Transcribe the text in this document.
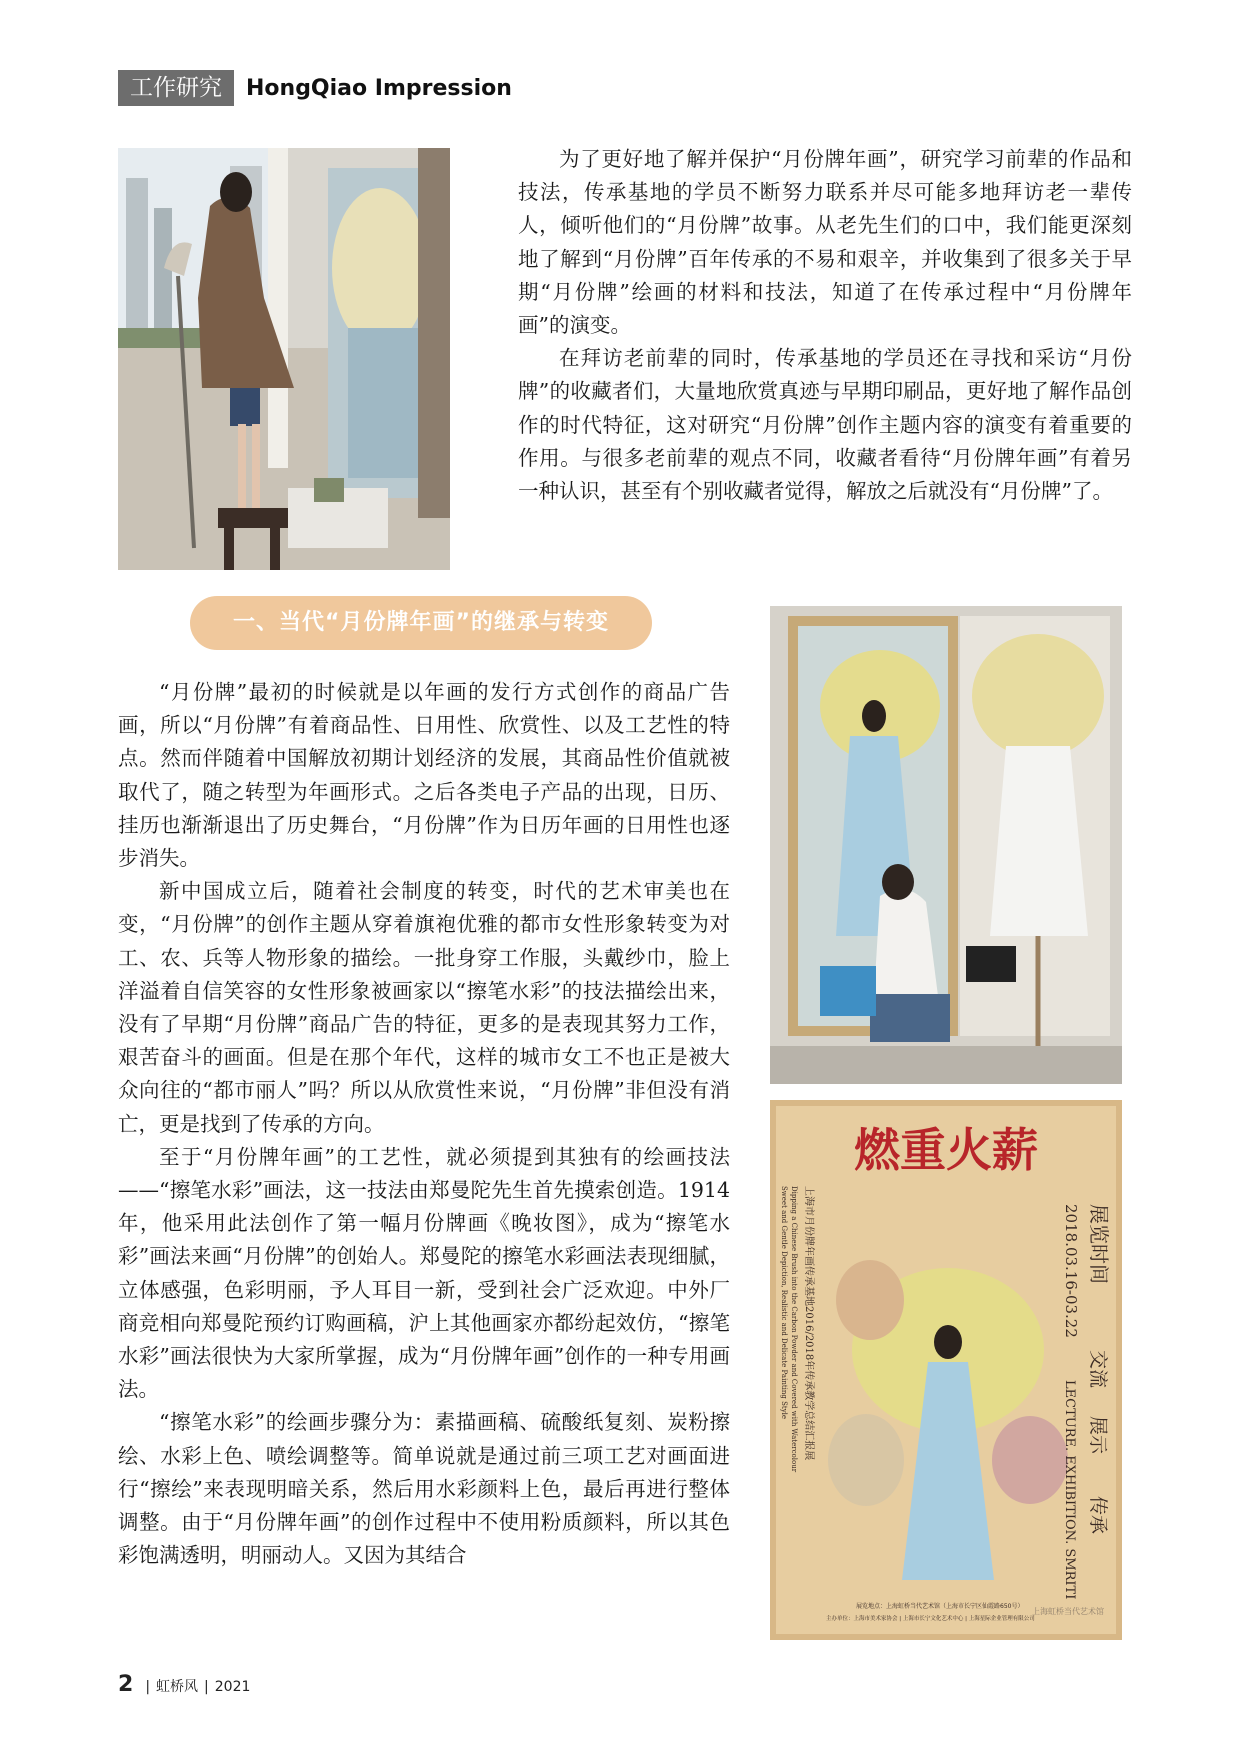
工作研究	HongQiao Impression

为了更好地了解并保护“月份牌年画”，研究学习前辈的作品和技法，传承基地的学员不断努力联系并尽可能多地拜访老一辈传人，倾听他们的“月份牌”故事。从老先生们的口中，我们能更深刻地了解到“月份牌”百年传承的不易和艰辛，并收集到了很多关于早期“月份牌”绘画的材料和技法，知道了在传承过程中“月份牌年画”的演变。

在拜访老前辈的同时，传承基地的学员还在寻找和采访“月份牌”的收藏者们，大量地欣赏真迹与早期印刷品，更好地了解作品创作的时代特征，这对研究“月份牌”创作主题内容的演变有着重要的作用。与很多老前辈的观点不同，收藏者看待“月份牌年画”有着另一种认识，甚至有个别收藏者觉得，解放之后就没有“月份牌”了。

一、当代“月份牌年画”的继承与转变

“月份牌”最初的时候就是以年画的发行方式创作的商品广告画，所以“月份牌”有着商品性、日用性、欣赏性、以及工艺性的特点。然而伴随着中国解放初期计划经济的发展，其商品性价值就被取代了，随之转型为年画形式。之后各类电子产品的出现，日历、挂历也渐渐退出了历史舞台，“月份牌”作为日历年画的日用性也逐步消失。

新中国成立后，随着社会制度的转变，时代的艺术审美也在变，“月份牌”的创作主题从穿着旗袍优雅的都市女性形象转变为对工、农、兵等人物形象的描绘。一批身穿工作服，头戴纱巾，脸上洋溢着自信笑容的女性形象被画家以“擦笔水彩”的技法描绘出来，没有了早期“月份牌”商品广告的特征，更多的是表现其努力工作，艰苦奋斗的画面。但是在那个年代，这样的城市女工不也正是被大众向往的“都市丽人”吗？所以从欣赏性来说，“月份牌”非但没有消亡，更是找到了传承的方向。

至于“月份牌年画”的工艺性，就必须提到其独有的绘画技法——“擦笔水彩”画法，这一技法由郑曼陀先生首先摸索创造。1914年，他采用此法创作了第一幅月份牌画《晚妆图》，成为“擦笔水彩”画法来画“月份牌”的创始人。郑曼陀的擦笔水彩画法表现细腻，立体感强，色彩明丽，予人耳目一新，受到社会广泛欢迎。中外厂商竞相向郑曼陀预约订购画稿，沪上其他画家亦都纷起效仿，“擦笔水彩”画法很快为大家所掌握，成为“月份牌年画”创作的一种专用画法。

“擦笔水彩”的绘画步骤分为：素描画稿、硫酸纸复刻、炭粉擦绘、水彩上色、喷绘调整等。简单说就是通过前三项工艺对画面进行“擦绘”来表现明暗关系，然后用水彩颜料上色，最后再进行整体调整。由于“月份牌年画”的创作过程中不使用粉质颜料，所以其色彩饱满透明，明丽动人。又因为其结合

燃重火薪
展览时间
2018.03.16-03.22
LECTURE. EXHIBITION. SMRITI
交流
展示
传承
上海市月份牌年画传承基地2016/2018年传承教学总结汇报展
Dipping a Chinese Brush into the Carbon Powder and Covered with Watercolour
Sweet and Gentle Depiction, Realistic and Delicate Painting Style
展览地点：上海虹桥当代艺术馆（上海市长宁区仙霞路650号）
主办单位：上海市美术家协会 | 上海市长宁文化艺术中心 | 上海星际企业管理有限公司
上海虹桥当代艺术馆
2 | 虹桥风 | 2021
